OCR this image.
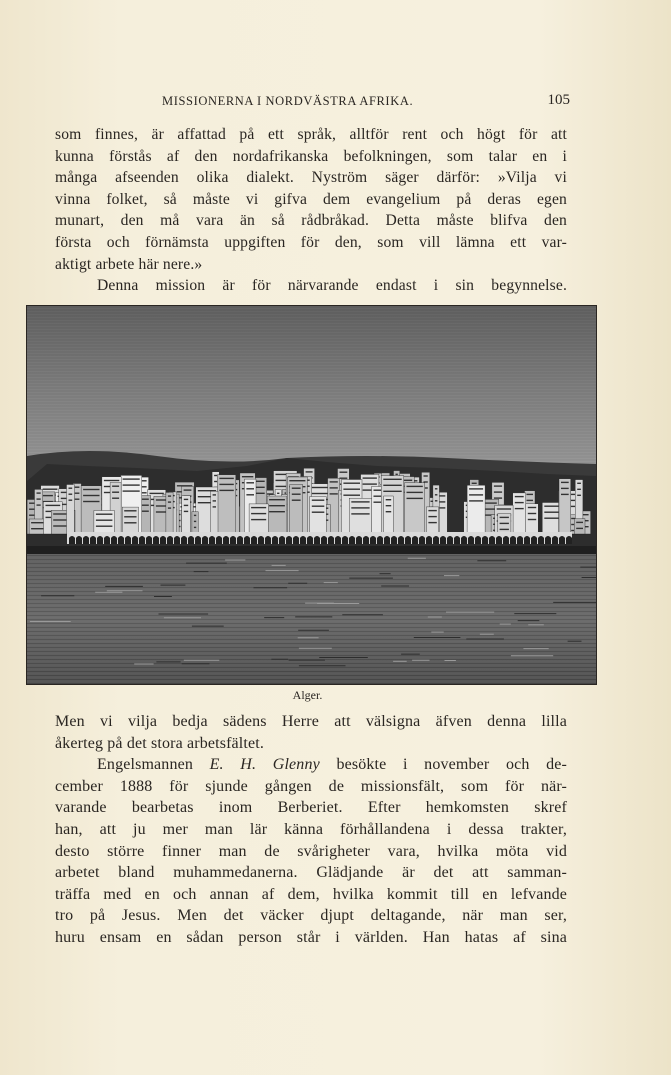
MISSIONERNA I NORDVÄSTRA AFRIKA.	105
som finnes, är affattad på ett språk, alltför rent och högt för att
kunna förstås af den nordafrikanska befolkningen, som talar en i
många afseenden olika dialekt. Nyström säger därför: »Vilja vi
vinna folket, så måste vi gifva dem evangelium på deras egen
munart, den må vara än så rådbråkad. Detta måste blifva den
första och förnämsta uppgiften för den, som vill lämna ett var-
aktigt arbete här nere.»
Denna mission är för närvarande endast i sin begynnelse.
Alger.
Men vi vilja bedja sädens Herre att välsigna äfven denna lilla
åkerteg på det stora arbetsfältet.
Engelsmannen E. H. Glenny besökte i november och de-
cember 1888 för sjunde gången de missionsfält, som för när-
varande bearbetas inom Berberiet. Efter hemkomsten skref
han, att ju mer man lär känna förhållandena i dessa trakter,
desto större finner man de svårigheter vara, hvilka möta vid
arbetet bland muhammedanerna. Glädjande är det att samman-
träffa med en och annan af dem, hvilka kommit till en lefvande
tro på Jesus. Men det väcker djupt deltagande, när man ser,
huru ensam en sådan person står i världen. Han hatas af sina
